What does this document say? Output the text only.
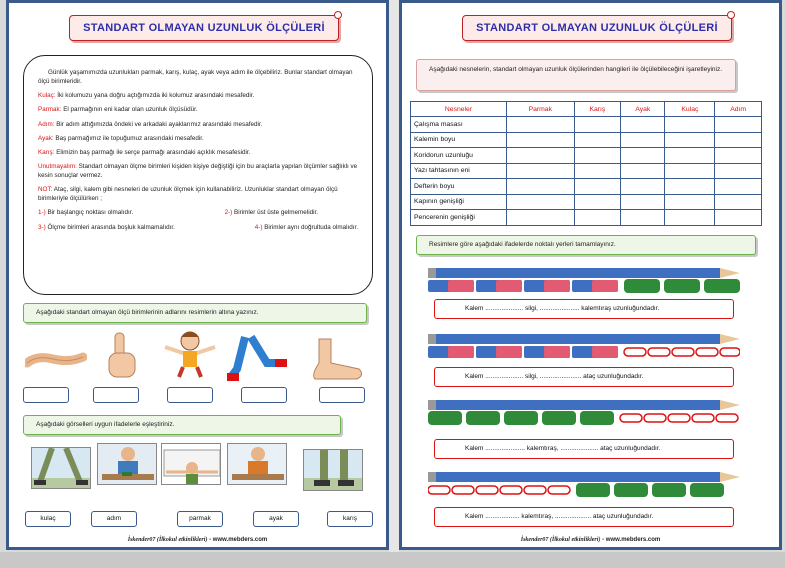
STANDART OLMAYAN UZUNLUK ÖLÇÜLERİ

Günlük yaşamımızda uzunlukları parmak, karış, kulaç, ayak veya adım ile ölçebiliriz. Bunlar standart olmayan ölçü birimleridir.

Kulaç: İki kolumuzu yana doğru açtığımızda iki kolumuz arasındaki mesafedir.

Parmak: El parmağının eni kadar olan uzunluk ölçüsüdür.

Adım: Bir adım attığımızda öndeki ve arkadaki ayaklarımız arasındaki mesafedir.

Ayak: Baş parmağımız ile topuğumuz arasındaki mesafedir.

Karış: Elimizin baş parmağı ile serçe parmağı arasındaki açıklık mesafesidir.

Unutmayalım: Standart olmayan ölçme birimleri kişiden kişiye değiştiği için bu araçlarla yapılan ölçümler sağlıklı ve kesin sonuçlar vermez.

NOT: Ataç, silgi, kalem gibi nesneleri de uzunluk ölçmek için kullanabiliriz. Uzunluklar standart olmayan ölçü birimleriyle ölçülürken ;

1-) Bir başlangıç noktası olmalıdır.	2-) Birimler üst üste gelmemelidir.
3-) Ölçme birimleri arasında boşluk kalmamalıdır.	4-) Birimler aynı doğrultuda olmalıdır.
Aşağıdaki standart olmayan ölçü birimlerinin adlarını resimlerin altına yazınız.
Aşağıdaki görselleri uygun ifadelerle eşleştiriniz.
kulaç	adım	parmak	ayak	karış
İskender07 (İlkokul etkinlikleri) - www.mebders.com
STANDART OLMAYAN UZUNLUK ÖLÇÜLERİ
Aşağıdaki nesnelerin, standart olmayan uzunluk ölçülerinden hangileri ile ölçülebileceğini işaretleyiniz.
Nesneler	Parmak	Karış	Ayak	Kulaç	Adım
Çalışma masası					
Kalemin boyu					
Koridorun uzunluğu					
Yazı tahtasının eni					
Defterin boyu					
Kapının genişliği					
Pencerenin genişliği					
Resimlere göre aşağıdaki ifadelerde noktalı yerleri tamamlayınız.
Kalem ..................... silgi, ...................... kalemtıraş uzunluğundadır.
Kalem ..................... silgi, ....................... ataç uzunluğundadır.
Kalem ...................... kalemtıraş, ..................... ataç uzunluğundadır.
Kalem ................... kalemtıraş, .................... ataç uzunluğundadır.
İskender07 (İlkokul etkinlikleri) - www.mebders.com
